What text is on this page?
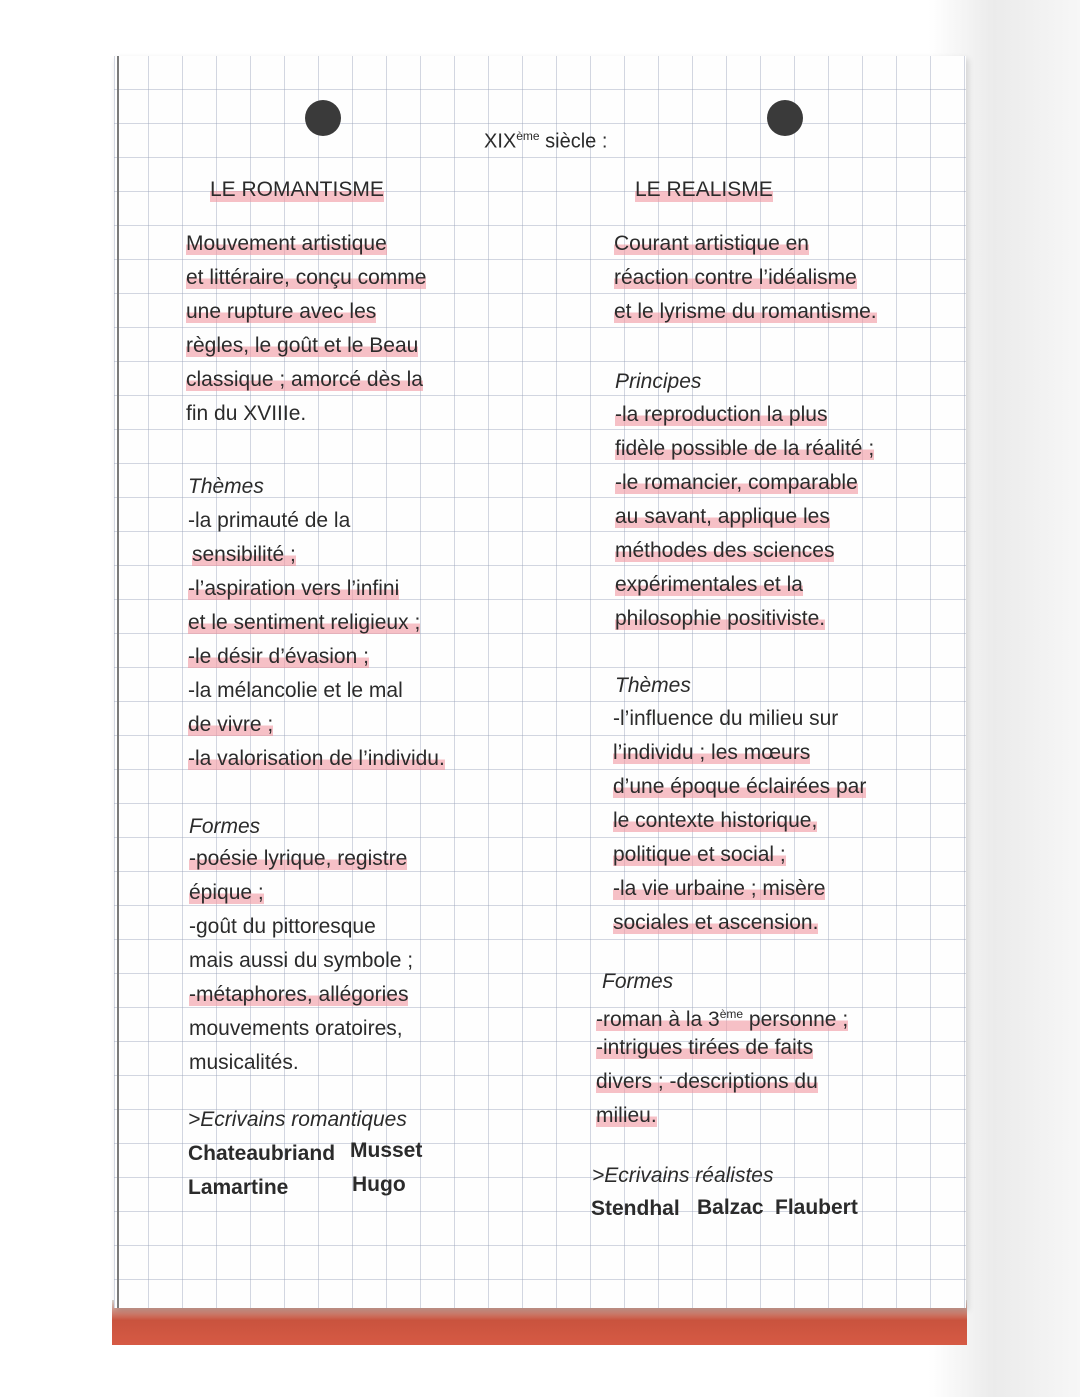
XIXème siècle :

LE ROMANTISME

Mouvement artistique
et littéraire, conçu comme
une rupture avec les
règles, le goût et le Beau
classique ; amorcé dès la
fin du XVIIIe.

Thèmes

-la primauté de la
sensibilité ;
-l’aspiration vers l’infini
et le sentiment religieux ;
-le désir d’évasion ;
-la mélancolie et le mal
de vivre ;
-la valorisation de l’individu.

Formes

-poésie lyrique, registre
épique ;
-goût du pittoresque
mais aussi du symbole ;
-métaphores, allégories
mouvements oratoires,
musicalités.

>Ecrivains romantiques

Chateaubriand Musset

Lamartine	Hugo

LE REALISME

Courant artistique en
réaction contre l’idéalisme
et le lyrisme du romantisme.

Principes

-la reproduction la plus
fidèle possible de la réalité ;
-le romancier, comparable
au savant, applique les
méthodes des sciences
expérimentales et la
philosophie positiviste.

Thèmes

-l’influence du milieu sur
l’individu ; les mœurs
d’une époque éclairées par
le contexte historique,
politique et social ;
-la vie urbaine ; misère
sociales et ascension.

Formes

-roman à la 3ème personne ;
-intrigues tirées de faits
divers ; -descriptions du
milieu.

>Ecrivains réalistes

Stendhal Balzac Flaubert
